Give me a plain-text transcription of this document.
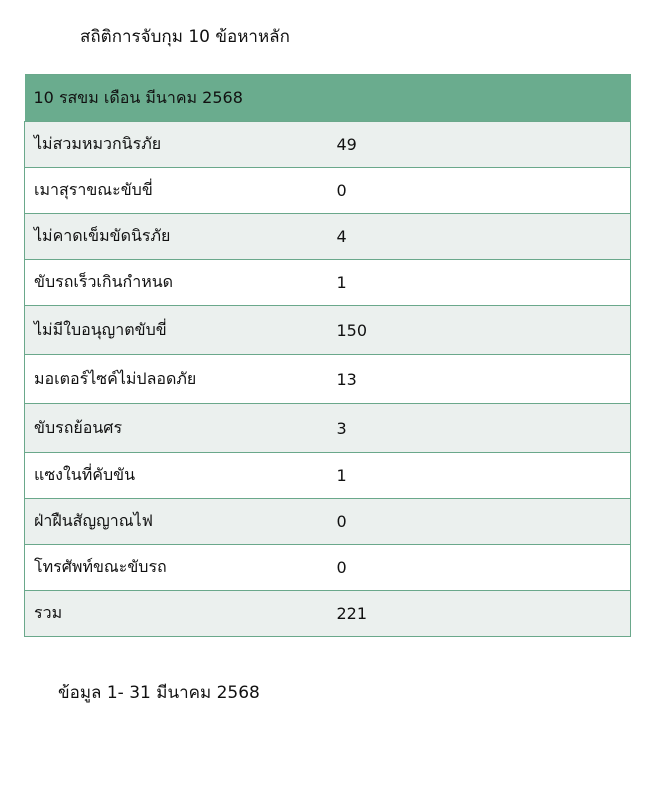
สถิติการจับกุม 10 ข้อหาหลัก
10 รสขม เดือน มีนาคม 2568	
ไม่สวมหมวกนิรภัย	49
เมาสุราขณะขับขี่	0
ไม่คาดเข็มขัดนิรภัย	4
ขับรถเร็วเกินกำหนด	1
ไม่มีใบอนุญาตขับขี่	150
มอเตอร์ไซค์ไม่ปลอดภัย	13
ขับรถย้อนศร	3
แซงในที่คับขัน	1
ฝ่าฝืนสัญญาณไฟ	0
โทรศัพท์ขณะขับรถ	0
รวม	221
ข้อมูล 1- 31 มีนาคม 2568
